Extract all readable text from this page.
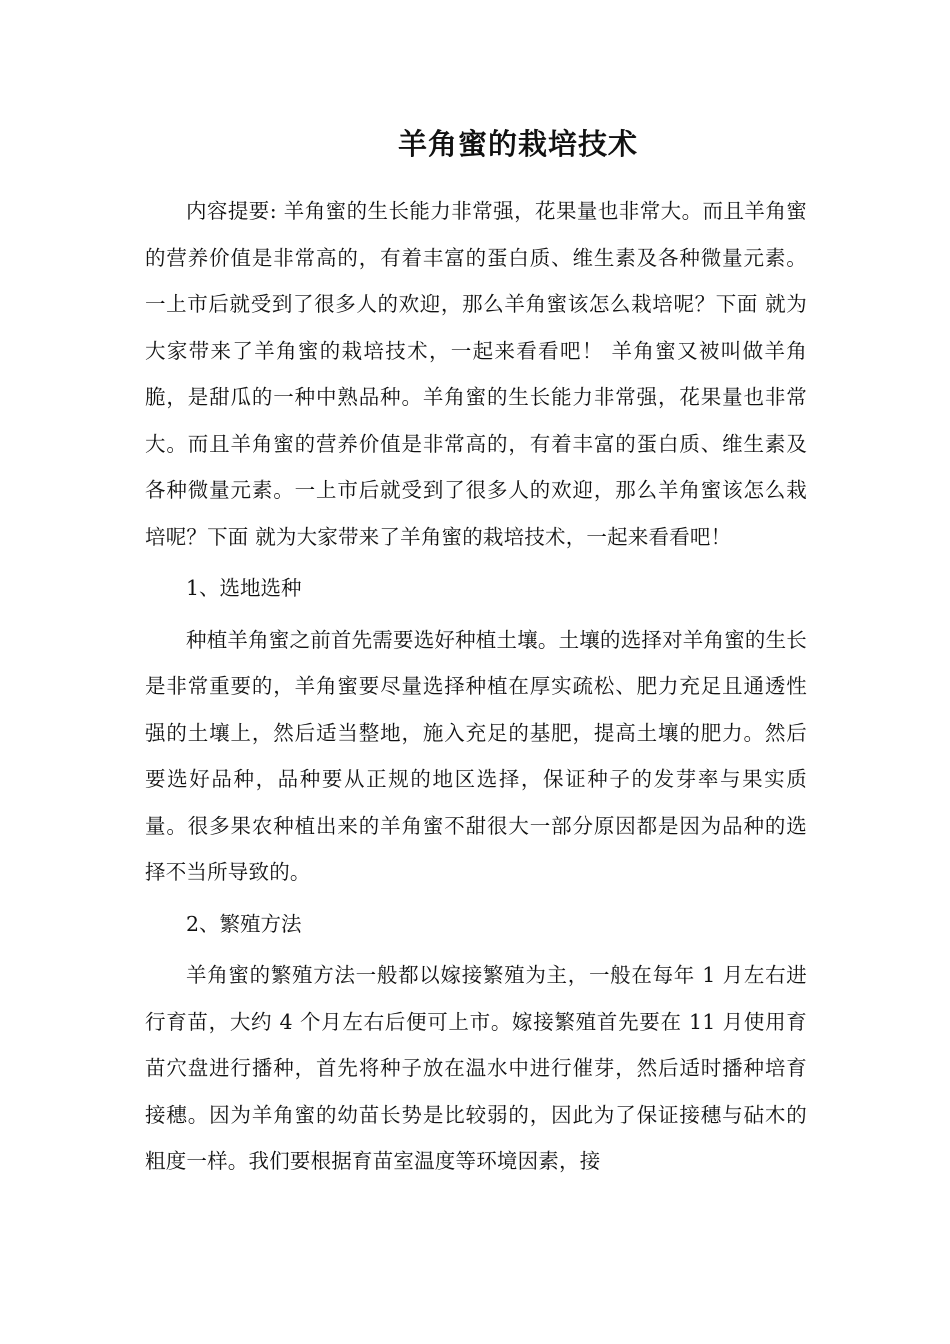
羊角蜜的栽培技术

内容提要: 羊角蜜的生长能力非常强，花果量也非常大。而且羊角蜜的营养价值是非常高的，有着丰富的蛋白质、维生素及各种微量元素。一上市后就受到了很多人的欢迎，那么羊角蜜该怎么栽培呢？下面 就为大家带来了羊角蜜的栽培技术，一起来看看吧！ 羊角蜜又被叫做羊角脆，是甜瓜的一种中熟品种。羊角蜜的生长能力非常强，花果量也非常大。而且羊角蜜的营养价值是非常高的，有着丰富的蛋白质、维生素及各种微量元素。一上市后就受到了很多人的欢迎，那么羊角蜜该怎么栽培呢？下面 就为大家带来了羊角蜜的栽培技术，一起来看看吧！

1、选地选种

种植羊角蜜之前首先需要选好种植土壤。土壤的选择对羊角蜜的生长是非常重要的，羊角蜜要尽量选择种植在厚实疏松、肥力充足且通透性强的土壤上，然后适当整地，施入充足的基肥，提高土壤的肥力。然后要选好品种，品种要从正规的地区选择，保证种子的发芽率与果实质量。很多果农种植出来的羊角蜜不甜很大一部分原因都是因为品种的选择不当所导致的。

2、繁殖方法

羊角蜜的繁殖方法一般都以嫁接繁殖为主，一般在每年 1 月左右进行育苗，大约 4 个月左右后便可上市。嫁接繁殖首先要在 11 月使用育苗穴盘进行播种，首先将种子放在温水中进行催芽，然后适时播种培育接穗。因为羊角蜜的幼苗长势是比较弱的，因此为了保证接穗与砧木的粗度一样。我们要根据育苗室温度等环境因素，接
